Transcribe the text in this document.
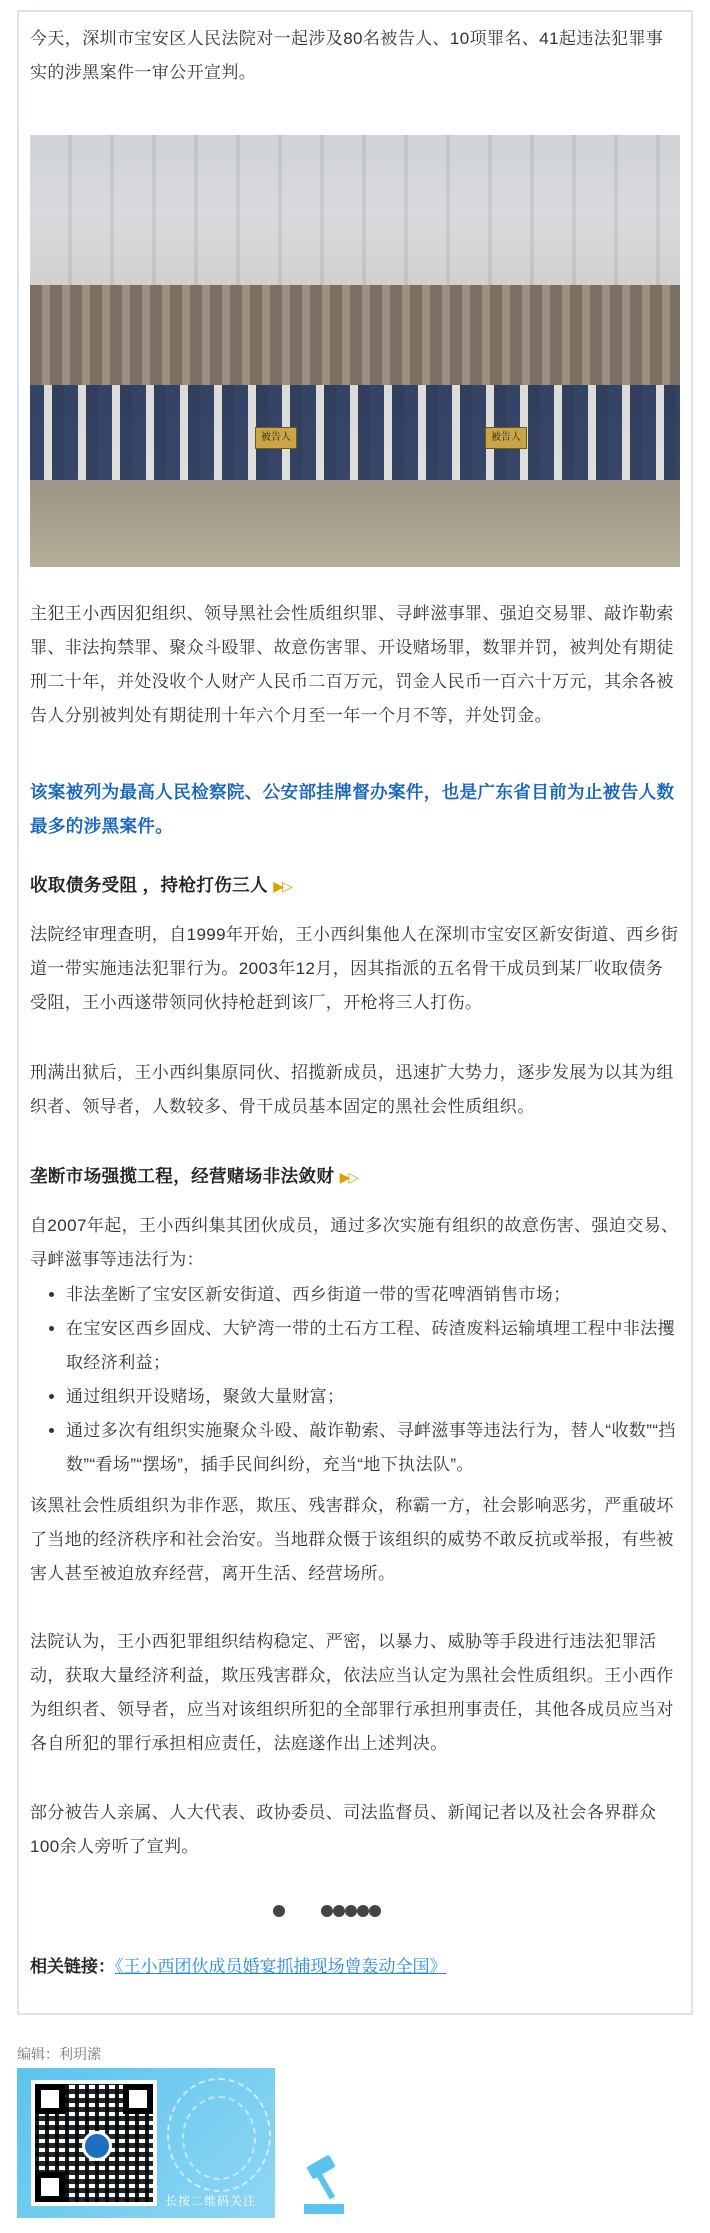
今天，深圳市宝安区人民法院对一起涉及80名被告人、10项罪名、41起违法犯罪事实的涉黑案件一审公开宣判。

被告人	被告人

主犯王小西因犯组织、领导黑社会性质组织罪、寻衅滋事罪、强迫交易罪、敲诈勒索罪、非法拘禁罪、聚众斗殴罪、故意伤害罪、开设赌场罪，数罪并罚，被判处有期徒刑二十年，并处没收个人财产人民币二百万元，罚金人民币一百六十万元，其余各被告人分别被判处有期徒刑十年六个月至一年一个月不等，并处罚金。

该案被列为最高人民检察院、公安部挂牌督办案件，也是广东省目前为止被告人数最多的涉黑案件。

收取债务受阻 ，持枪打伤三人 ▶▷

法院经审理查明，自1999年开始，王小西纠集他人在深圳市宝安区新安街道、西乡街道一带实施违法犯罪行为。2003年12月，因其指派的五名骨干成员到某厂收取债务受阻，王小西遂带领同伙持枪赶到该厂，开枪将三人打伤。

刑满出狱后，王小西纠集原同伙、招揽新成员，迅速扩大势力，逐步发展为以其为组织者、领导者，人数较多、骨干成员基本固定的黑社会性质组织。

垄断市场强揽工程，经营赌场非法敛财 ▶▷

自2007年起，王小西纠集其团伙成员，通过多次实施有组织的故意伤害、强迫交易、寻衅滋事等违法行为：

• 非法垄断了宝安区新安街道、西乡街道一带的雪花啤酒销售市场；
• 在宝安区西乡固戍、大铲湾一带的土石方工程、砖渣废料运输填埋工程中非法攫取经济利益；
• 通过组织开设赌场，聚敛大量财富；
• 通过多次有组织实施聚众斗殴、敲诈勒索、寻衅滋事等违法行为，替人“收数”“挡数”“看场”“摆场”，插手民间纠纷，充当“地下执法队”。

该黑社会性质组织为非作恶，欺压、残害群众，称霸一方，社会影响恶劣，严重破坏了当地的经济秩序和社会治安。当地群众慑于该组织的威势不敢反抗或举报，有些被害人甚至被迫放弃经营，离开生活、经营场所。

法院认为，王小西犯罪组织结构稳定、严密，以暴力、威胁等手段进行违法犯罪活动，获取大量经济利益，欺压残害群众，依法应当认定为黑社会性质组织。王小西作为组织者、领导者，应当对该组织所犯的全部罪行承担刑事责任，其他各成员应当对各自所犯的罪行承担相应责任，法庭遂作出上述判决。

部分被告人亲属、人大代表、政协委员、司法监督员、新闻记者以及社会各界群众100余人旁听了宣判。

相关链接：《王小西团伙成员婚宴抓捕现场曾轰动全国》
编辑：利玥潆
长按二维码关注
